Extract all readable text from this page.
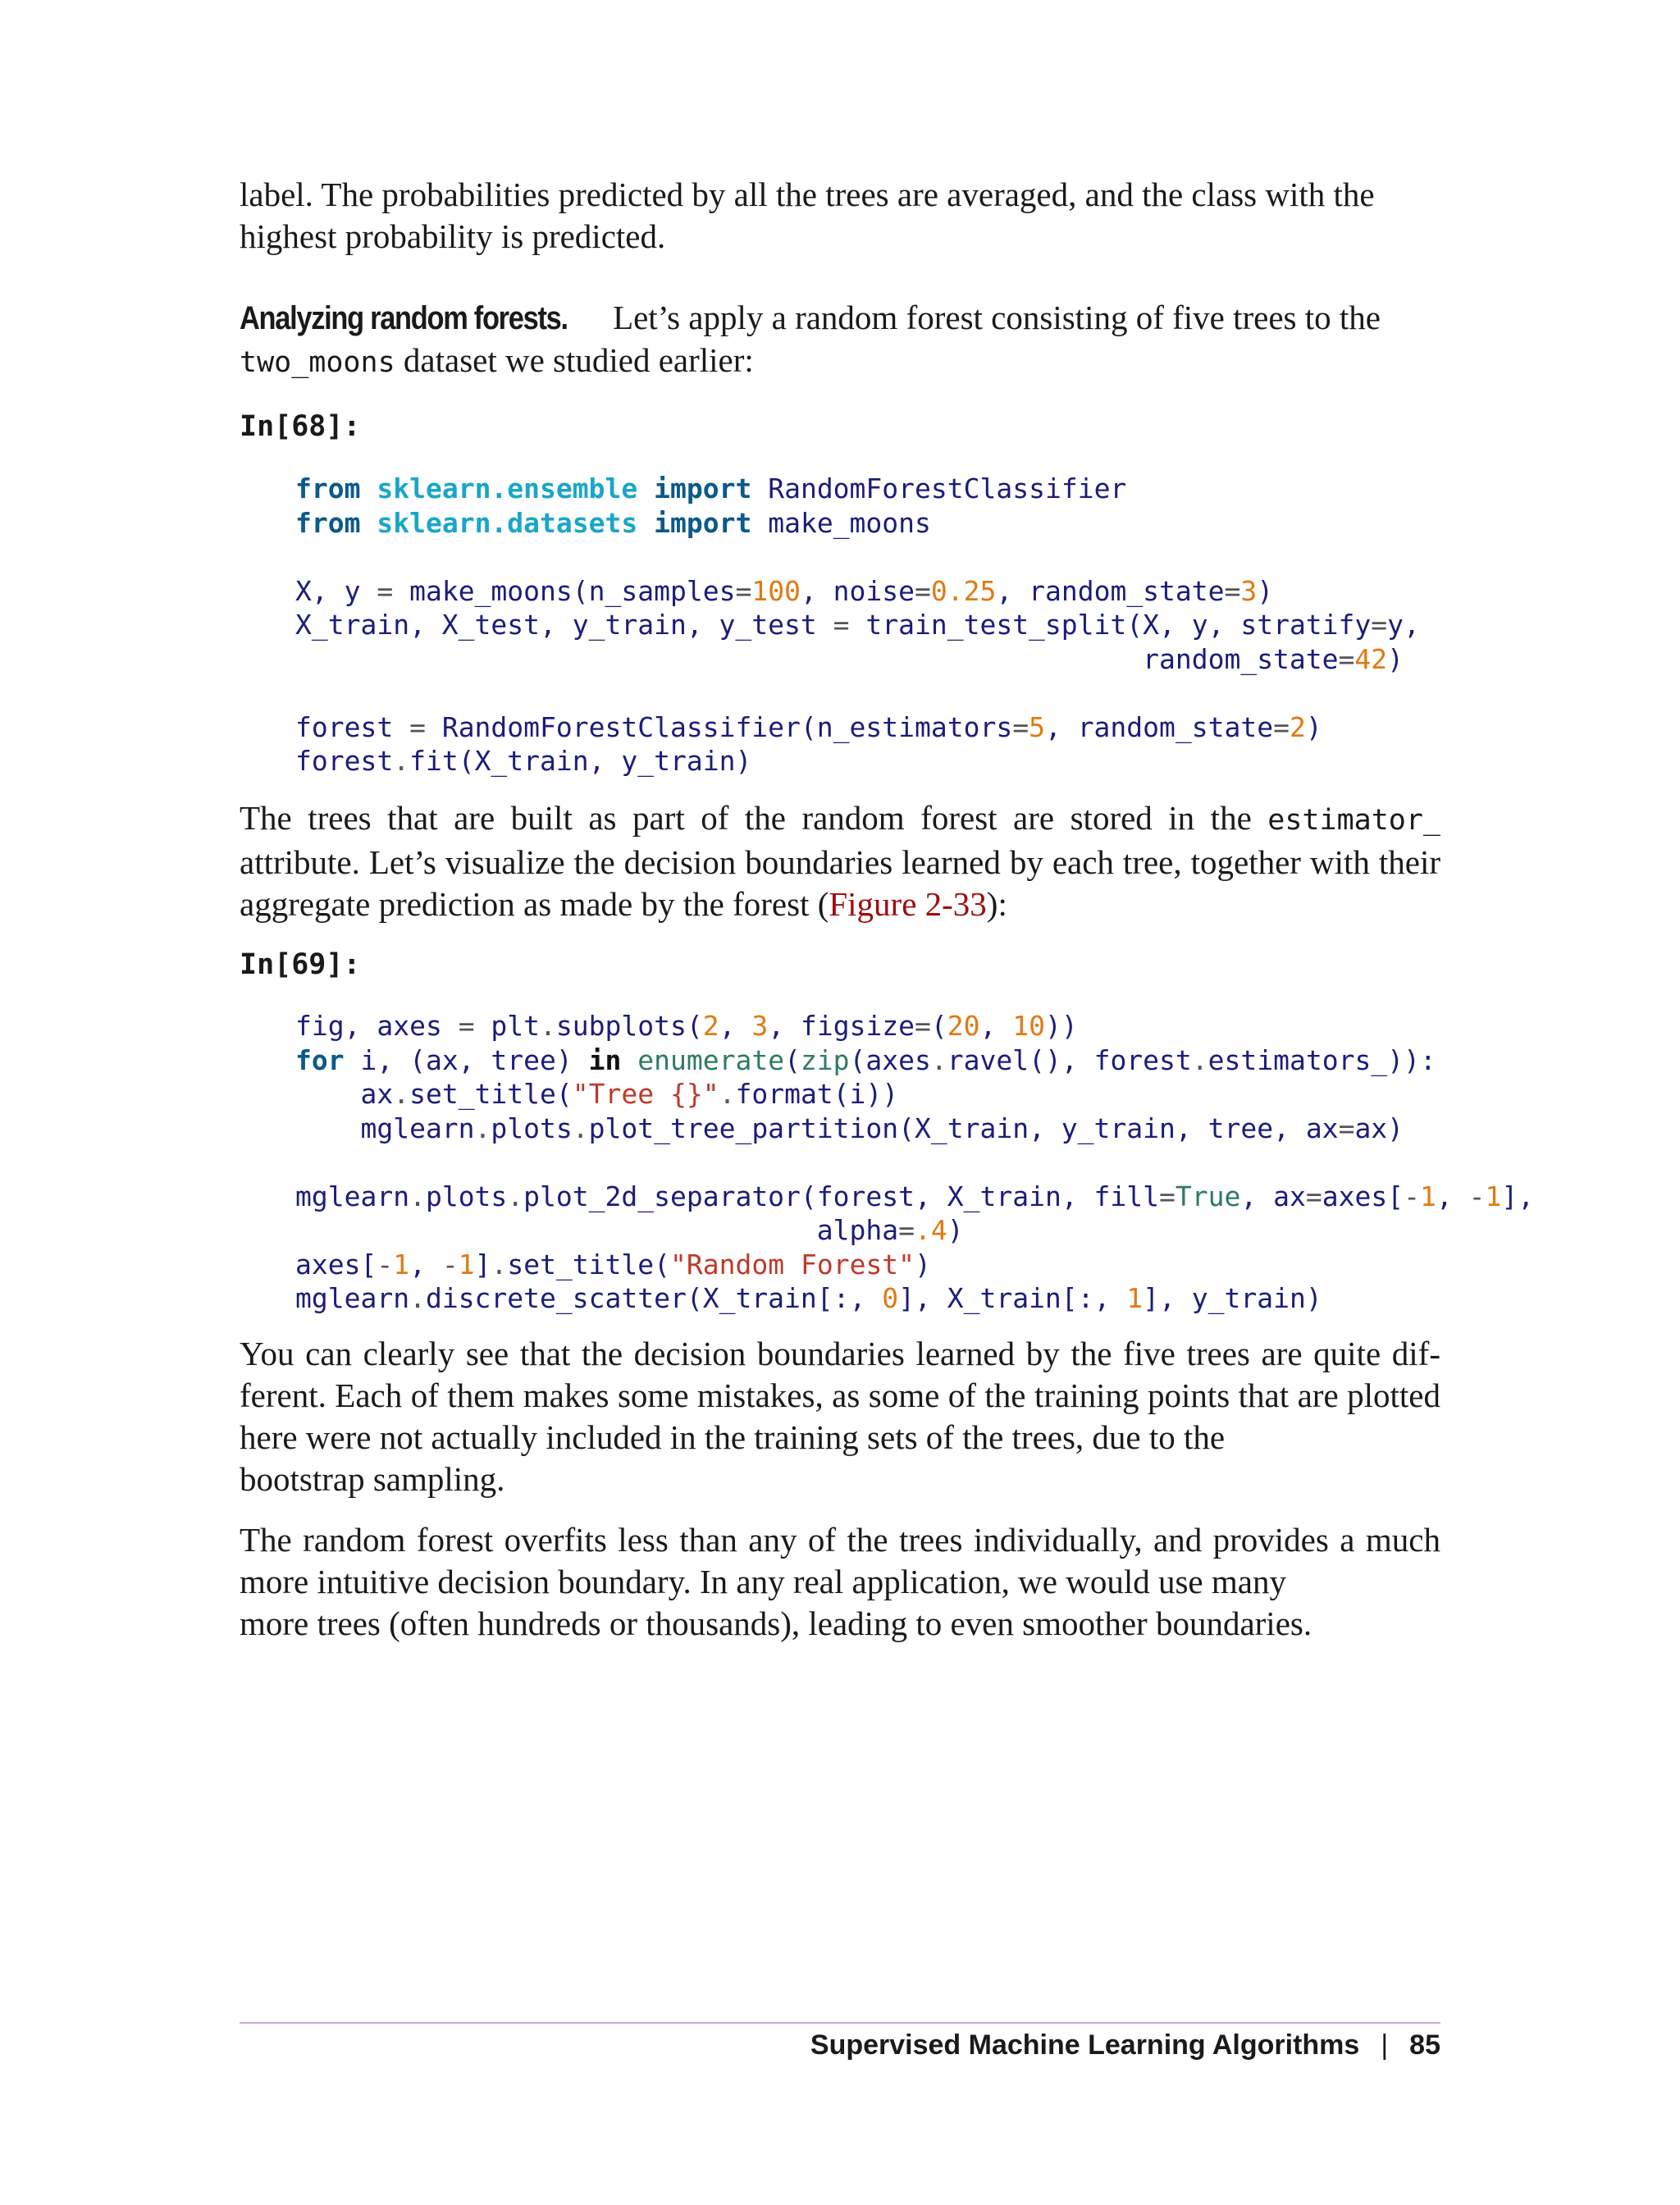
label. The probabilities predicted by all the trees are averaged, and the class with the
highest probability is predicted.

Analyzing random forests. Let’s apply a random forest consisting of five trees to the
two_moons dataset we studied earlier:

In[68]:
from sklearn.ensemble import RandomForestClassifier
from sklearn.datasets import make_moons

X, y = make_moons(n_samples=100, noise=0.25, random_state=3)
X_train, X_test, y_train, y_test = train_test_split(X, y, stratify=y,
random_state=42)

forest = RandomForestClassifier(n_estimators=5, random_state=2)
forest.fit(X_train, y_train)

The trees that are built as part of the random forest are stored in the estimator_ attribute. Let’s visualize the decision boundaries learned by each tree, together with their aggregate prediction as made by the forest (Figure 2-33):

In[69]:
fig, axes = plt.subplots(2, 3, figsize=(20, 10))
for i, (ax, tree) in enumerate(zip(axes.ravel(), forest.estimators_)):
ax.set_title("Tree {}".format(i))
mglearn.plots.plot_tree_partition(X_train, y_train, tree, ax=ax)

mglearn.plots.plot_2d_separator(forest, X_train, fill=True, ax=axes[-1, -1],
alpha=.4)
axes[-1, -1].set_title("Random Forest")
mglearn.discrete_scatter(X_train[:, 0], X_train[:, 1], y_train)

You can clearly see that the decision boundaries learned by the five trees are quite different. Each of them makes some mistakes, as some of the training points that are plotted here were not actually included in the training sets of the trees, due to the
bootstrap sampling.

The random forest overfits less than any of the trees individually, and provides a much more intuitive decision boundary. In any real application, we would use many
more trees (often hundreds or thousands), leading to even smoother boundaries.

Supervised Machine Learning Algorithms | 85
